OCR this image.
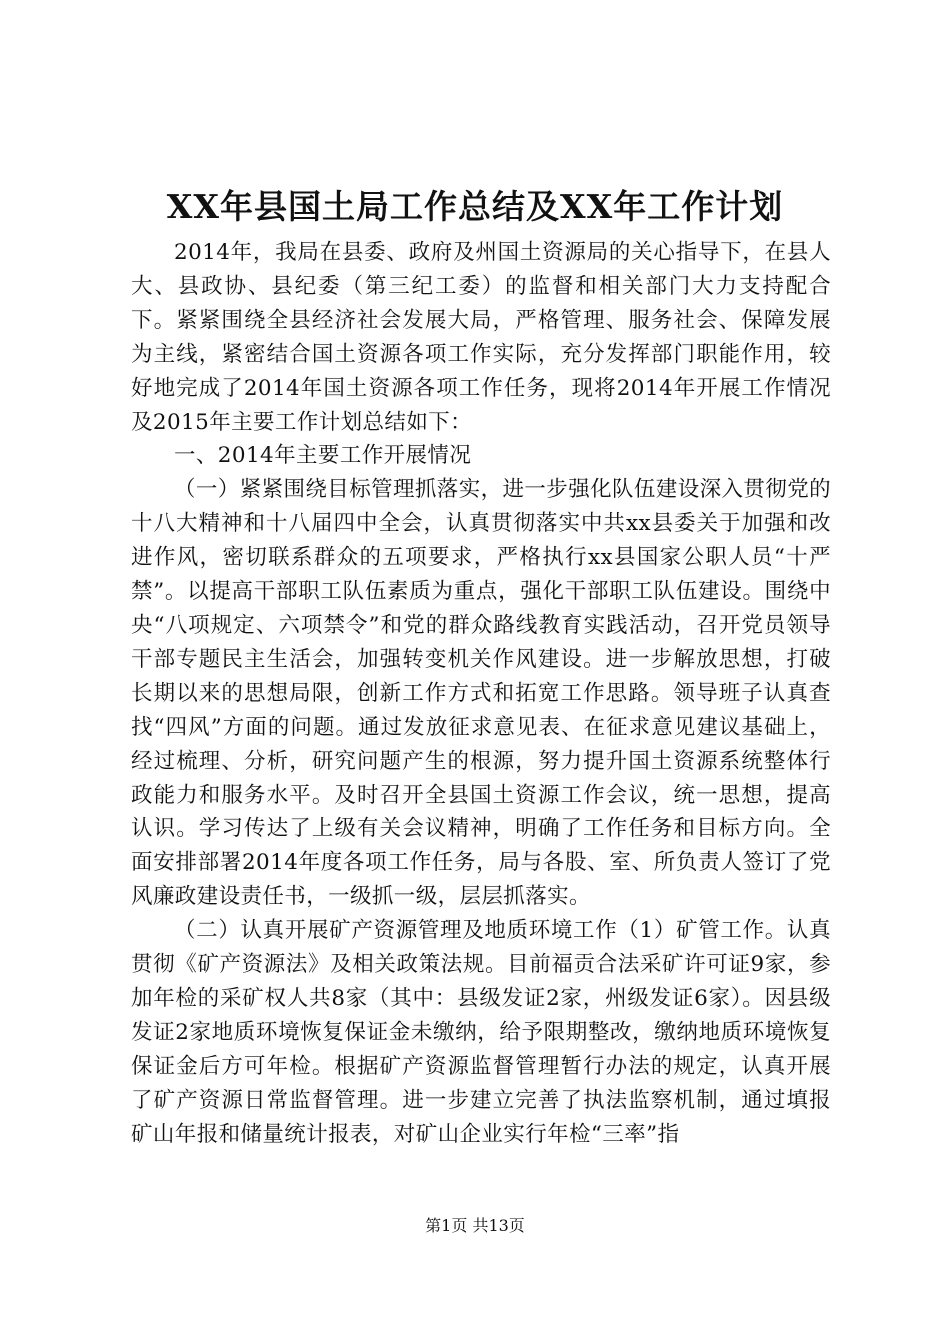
XX年县国土局工作总结及XX年工作计划

2014年，我局在县委、政府及州国土资源局的关心指导下，在县人大、县政协、县纪委（第三纪工委）的监督和相关部门大力支持配合下。紧紧围绕全县经济社会发展大局，严格管理、服务社会、保障发展为主线，紧密结合国土资源各项工作实际，充分发挥部门职能作用，较好地完成了2014年国土资源各项工作任务，现将2014年开展工作情况及2015年主要工作计划总结如下：

一、2014年主要工作开展情况

（一）紧紧围绕目标管理抓落实，进一步强化队伍建设深入贯彻党的十八大精神和十八届四中全会，认真贯彻落实中共xx县委关于加强和改进作风，密切联系群众的五项要求，严格执行xx县国家公职人员“十严禁”。以提高干部职工队伍素质为重点，强化干部职工队伍建设。围绕中央“八项规定、六项禁令”和党的群众路线教育实践活动，召开党员领导干部专题民主生活会，加强转变机关作风建设。进一步解放思想，打破长期以来的思想局限，创新工作方式和拓宽工作思路。领导班子认真查找“四风”方面的问题。通过发放征求意见表、在征求意见建议基础上，经过梳理、分析，研究问题产生的根源，努力提升国土资源系统整体行政能力和服务水平。及时召开全县国土资源工作会议，统一思想，提高认识。学习传达了上级有关会议精神，明确了工作任务和目标方向。全面安排部署2014年度各项工作任务，局与各股、室、所负责人签订了党风廉政建设责任书，一级抓一级，层层抓落实。

（二）认真开展矿产资源管理及地质环境工作（1）矿管工作。认真贯彻《矿产资源法》及相关政策法规。目前福贡合法采矿许可证9家，参加年检的采矿权人共8家（其中：县级发证2家，州级发证6家）。因县级发证2家地质环境恢复保证金未缴纳，给予限期整改，缴纳地质环境恢复保证金后方可年检。根据矿产资源监督管理暂行办法的规定，认真开展了矿产资源日常监督管理。进一步建立完善了执法监察机制，通过填报矿山年报和储量统计报表，对矿山企业实行年检“三率”指

第1页 共13页
